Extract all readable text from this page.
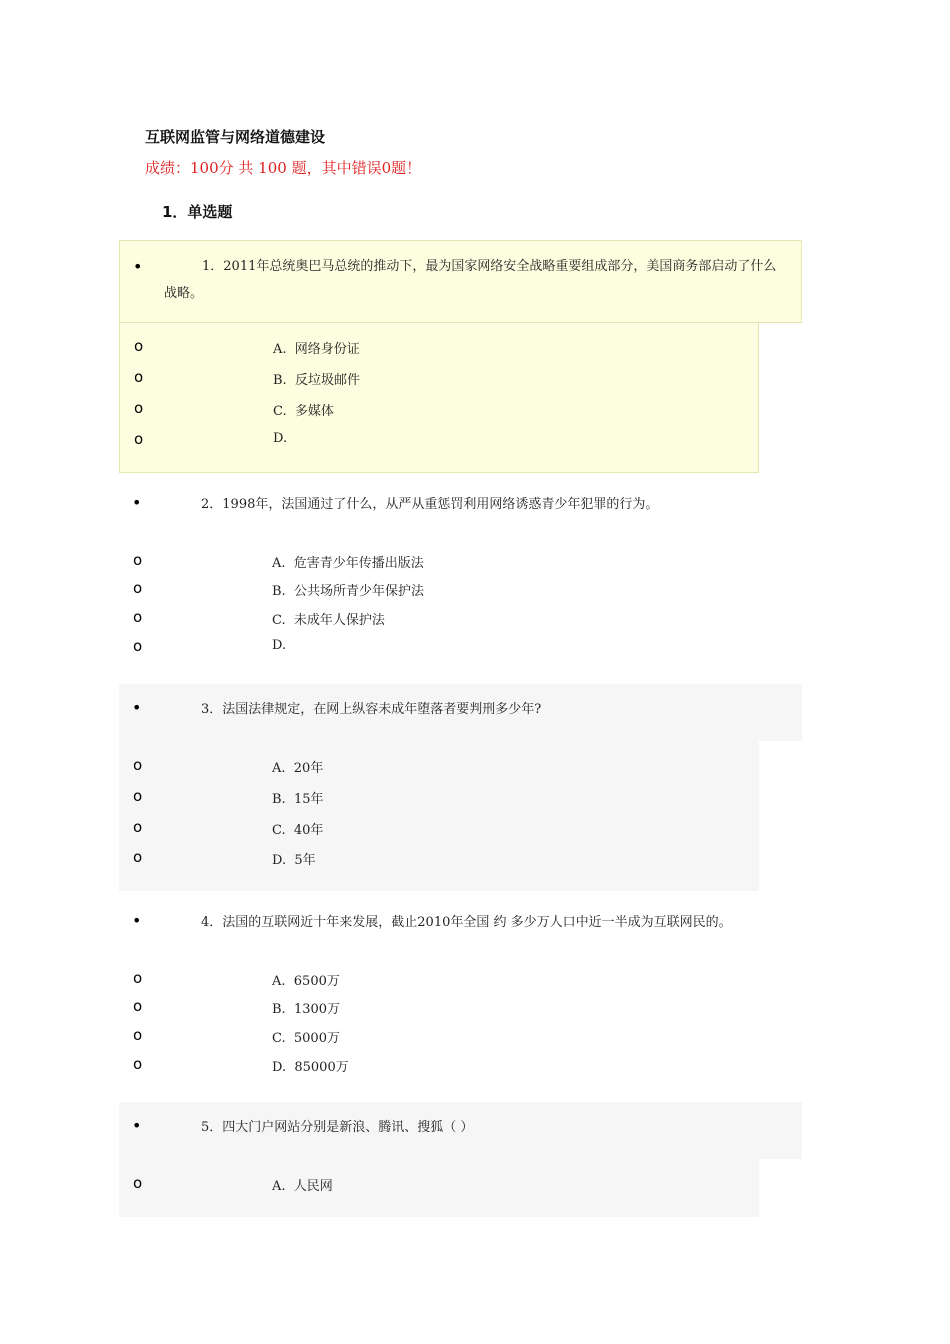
互联网监管与网络道德建设
成绩：100分 共 100 题，其中错误0题！
1．单选题
•	1．2011年总统奥巴马总统的推动下，最为国家网络安全战略重要组成部分，美国商务部启动了什么战略。
o	A.  网络身份证
o	B.  反垃圾邮件
o	C.  多媒体
o	D.
•	2．1998年，法国通过了什么，从严从重惩罚利用网络诱惑青少年犯罪的行为。
o	A.  危害青少年传播出版法
o	B.  公共场所青少年保护法
o	C.  未成年人保护法
o	D.
•	3．法国法律规定，在网上纵容未成年堕落者要判刑多少年?
o	A.  20年
o	B.  15年
o	C.  40年
o	D.  5年
•	4．法国的互联网近十年来发展，截止2010年全国 约 多少万人口中近一半成为互联网民的。
o	A.  6500万
o	B.  1300万
o	C.  5000万
o	D.  85000万
•	5．四大门户网站分别是新浪、腾讯、搜狐（ ）
o	A.  人民网
